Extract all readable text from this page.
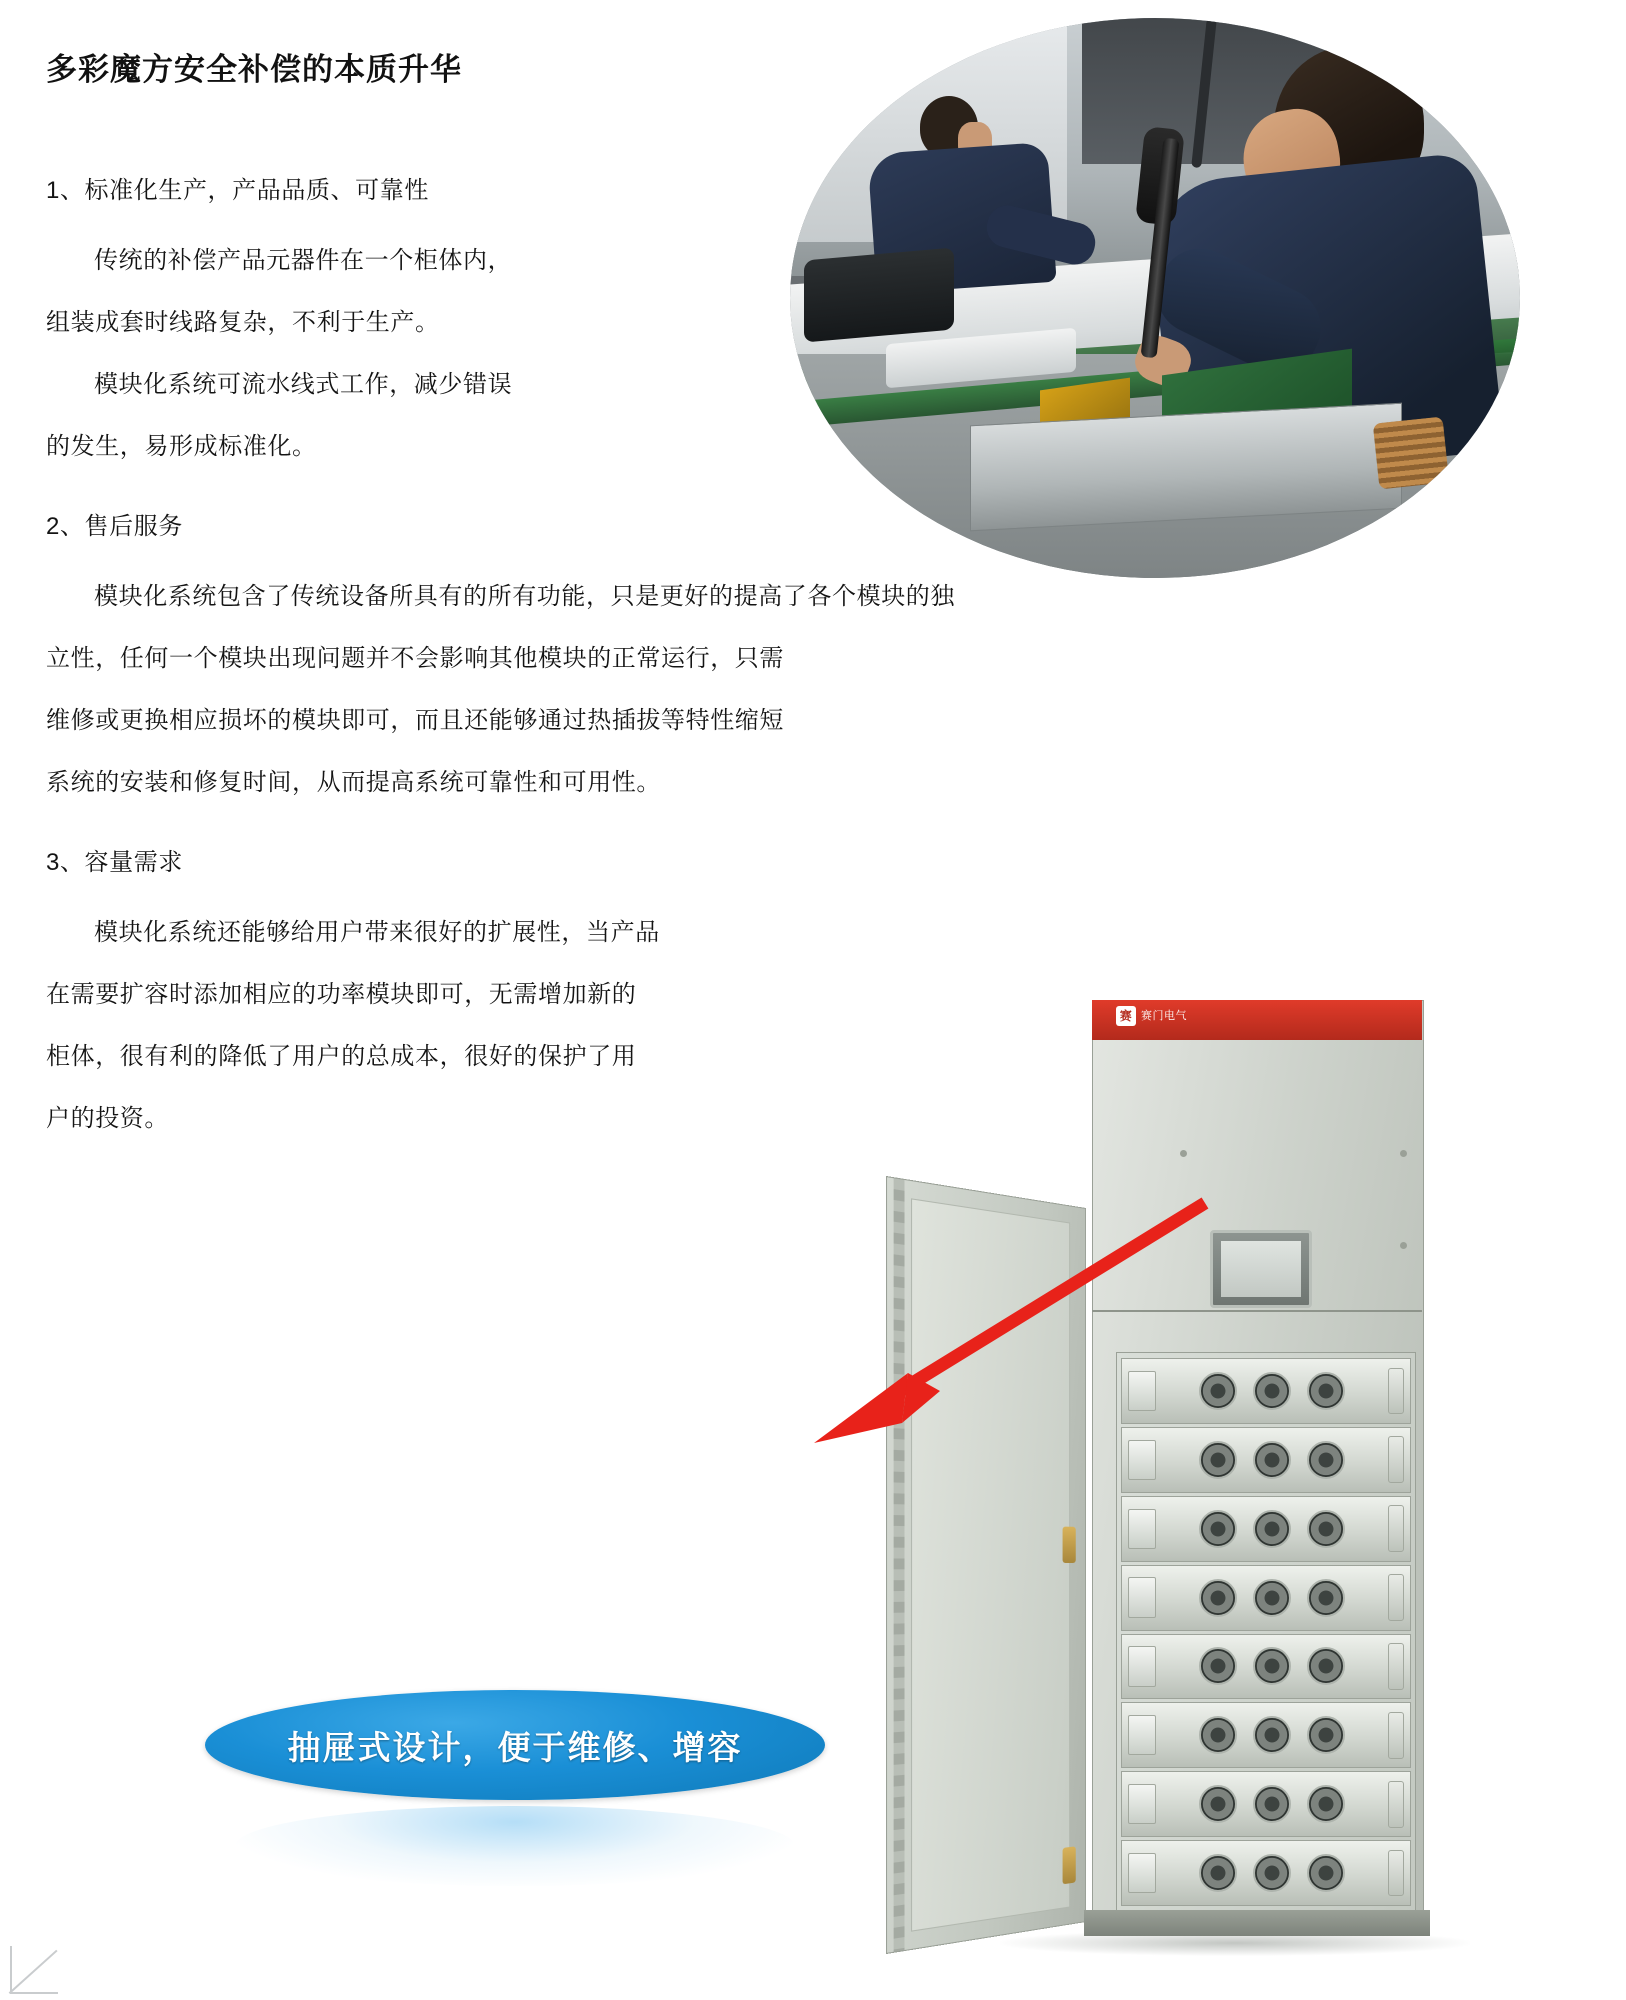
多彩魔方安全补偿的本质升华
1、标准化生产，产品品质、可靠性
传统的补偿产品元器件在一个柜体内，
组装成套时线路复杂，不利于生产。
模块化系统可流水线式工作，减少错误
的发生，易形成标准化。
2、售后服务
模块化系统包含了传统设备所具有的所有功能，只是更好的提高了各个模块的独
立性，任何一个模块出现问题并不会影响其他模块的正常运行，只需
维修或更换相应损坏的模块即可，而且还能够通过热插拔等特性缩短
系统的安装和修复时间，从而提高系统可靠性和可用性。
3、容量需求
模块化系统还能够给用户带来很好的扩展性，当产品
在需要扩容时添加相应的功率模块即可，无需增加新的
柜体，很有利的降低了用户的总成本，很好的保护了用
户的投资。
赛 赛门电气
抽屉式设计，便于维修、增容
